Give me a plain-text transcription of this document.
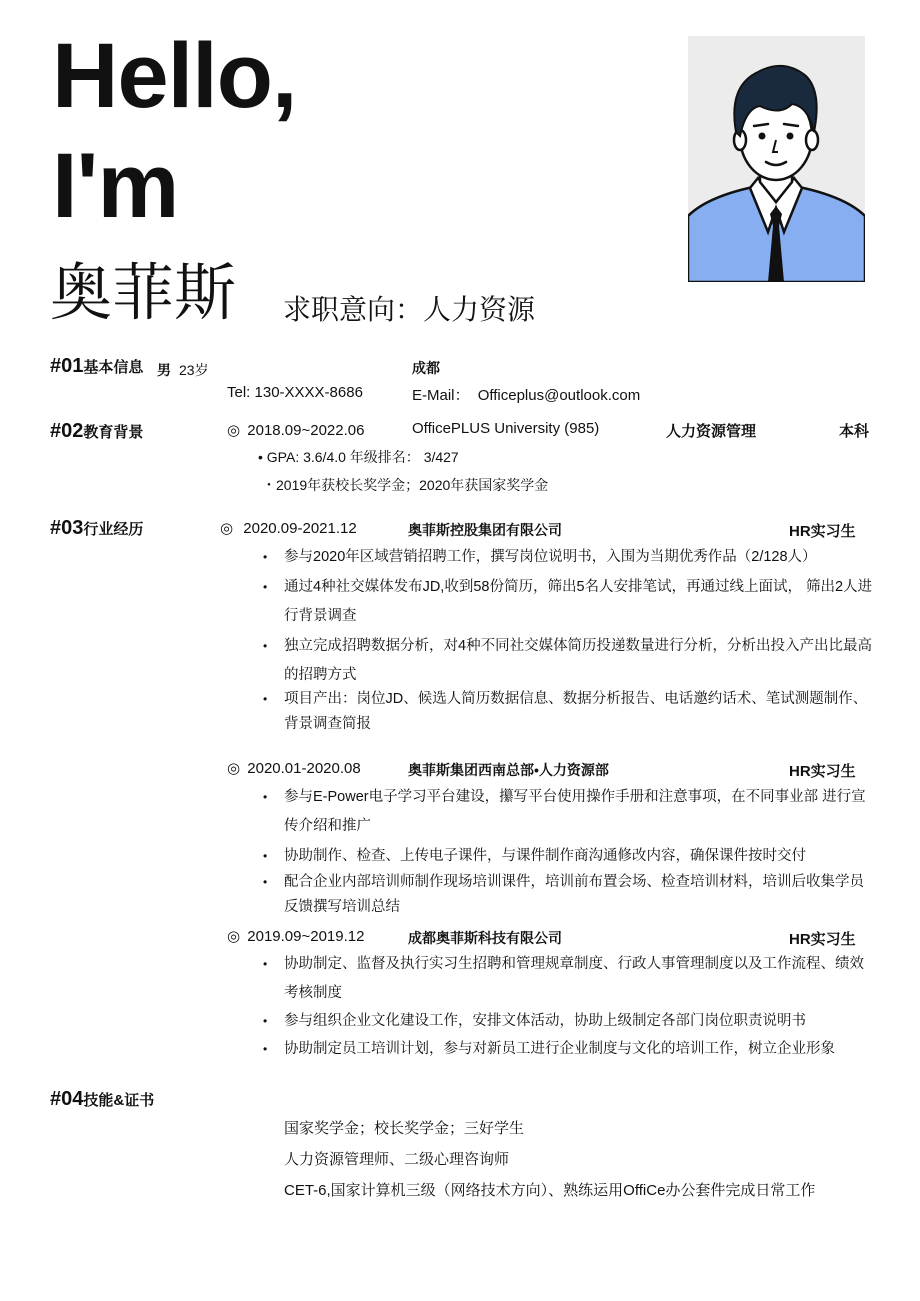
Hello,
I'm
奥菲斯 求职意向：人力资源
#01基本信息 男 23岁	成都
Tel: 130-XXXX-8686	E-Mail： Officeplus@outlook.com
#02教育背景	◎ 2018.09~2022.06	OfficePLUS University (985)	人力资源管理	本科
• GPA: 3.6/4.0 年级排名： 3/427
・2019年获校长奖学金；2020年获国家奖学金
#03行业经历	◎ 2020.09-2021.12	奥菲斯控股集团有限公司	HR实习生
• 参与2020年区域营销招聘工作，撰写岗位说明书，入围为当期优秀作品（2/128人）
• 通过4种社交媒体发布JD,收到58份简历，筛出5名人安排笔试，再通过线上面试， 筛出2人进行背景调查
• 独立完成招聘数据分析，对4种不同社交媒体简历投递数量进行分析，分析出投入产出比最高的招聘方式
• 项目产出：岗位JD、候选人简历数据信息、数据分析报告、电话邀约话术、笔试测题制作、背景调查简报
◎ 2020.01-2020.08	奥菲斯集团西南总部•人力资源部	HR实习生
• 参与E-Power电子学习平台建设，攥写平台使用操作手册和注意事项，在不同事业部 进行宣传介绍和推广
• 协助制作、检查、上传电子课件，与课件制作商沟通修改内容，确保课件按时交付
• 配合企业内部培训师制作现场培训课件，培训前布置会场、检查培训材料，培训后收集学员反馈撰写培训总结
◎ 2019.09~2019.12	成都奥菲斯科技有限公司	HR实习生
• 协助制定、监督及执行实习生招聘和管理规章制度、行政人事管理制度以及工作流程、绩效考核制度
• 参与组织企业文化建设工作，安排文体活动，协助上级制定各部门岗位职责说明书
• 协助制定员工培训计划，参与对新员工进行企业制度与文化的培训工作，树立企业形象
#04技能&证书
国家奖学金；校长奖学金；三好学生
人力资源管理师、二级心理咨询师
CET-6,国家计算机三级（网络技术方向）、熟练运用OffiCe办公套件完成日常工作
